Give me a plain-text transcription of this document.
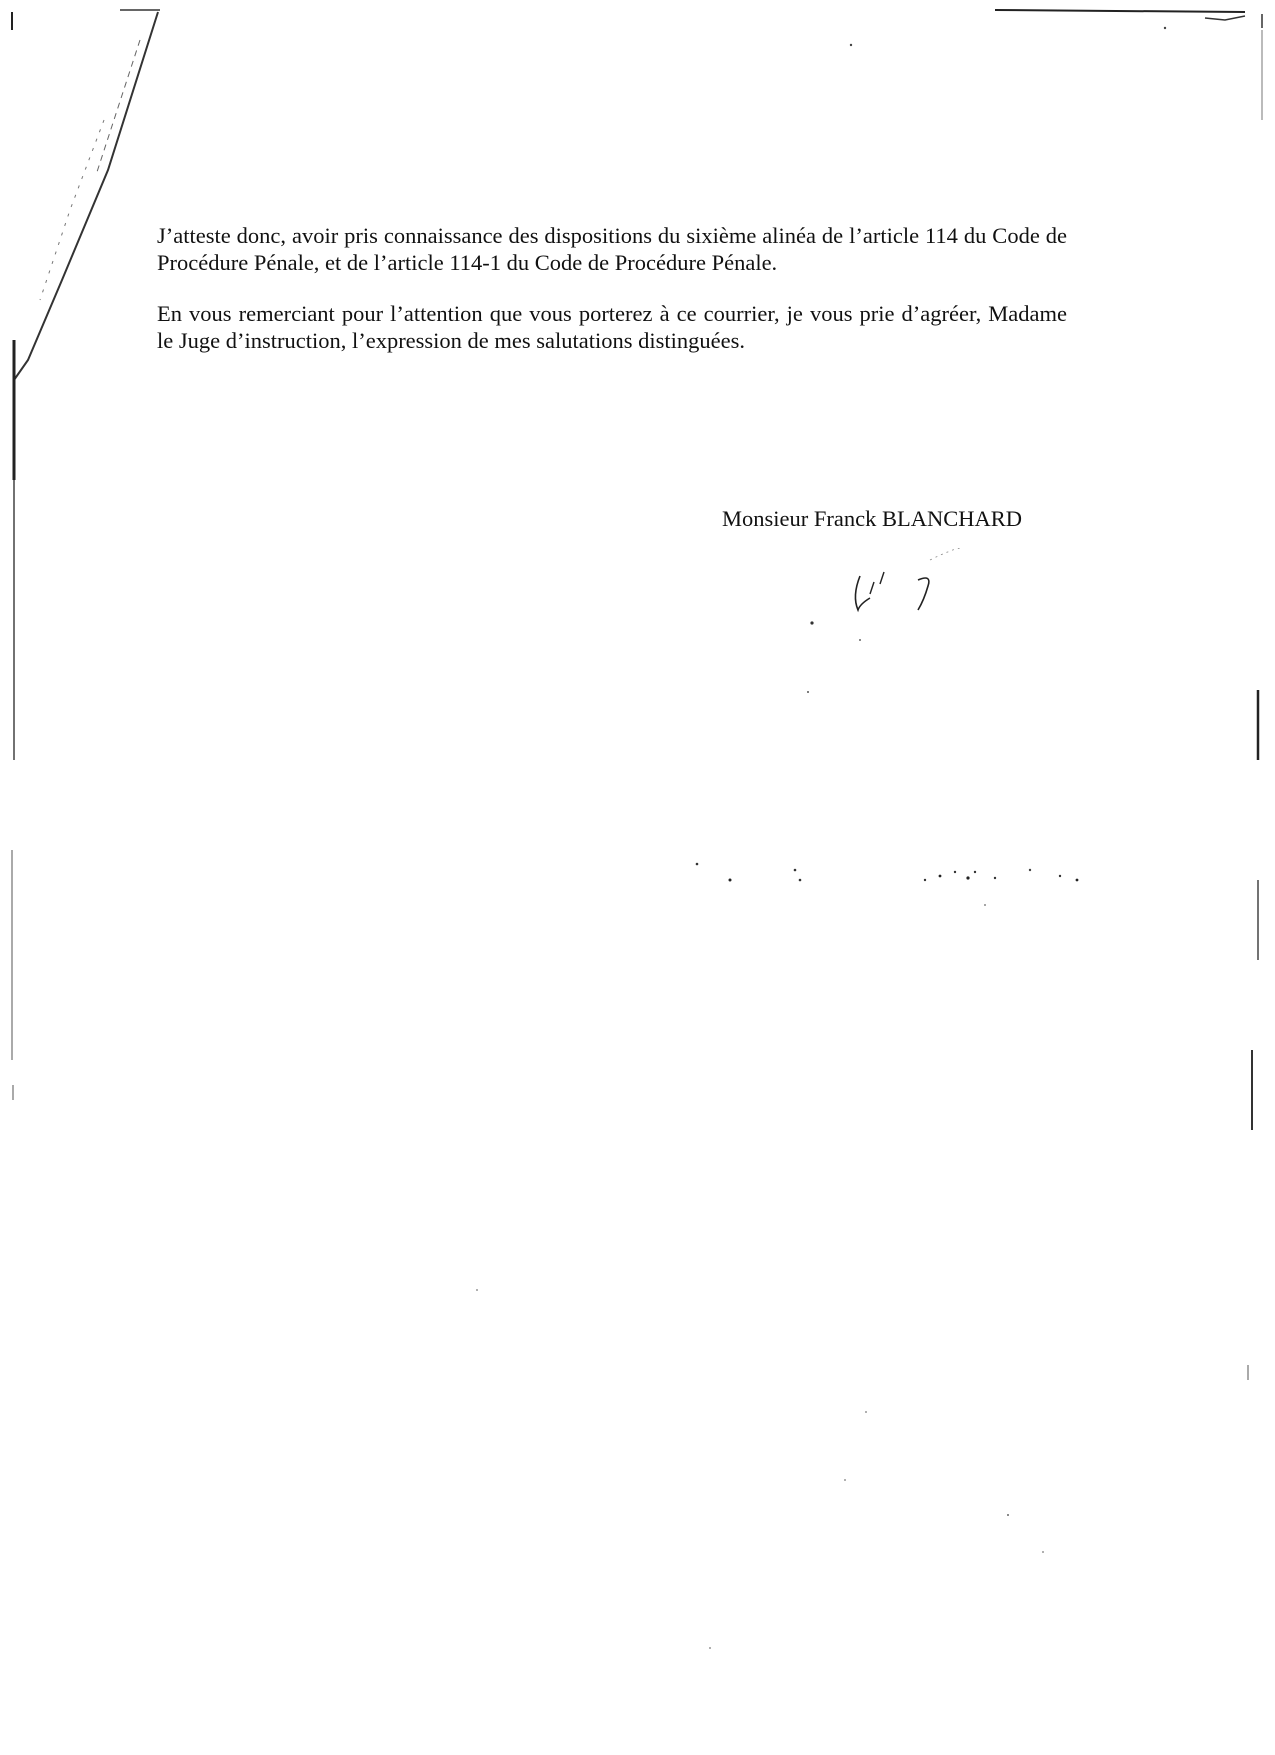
J’atteste donc, avoir pris connaissance des dispositions du sixième alinéa de l’article 114 du Code de Procédure Pénale, et de l’article 114-1 du Code de Procédure Pénale.

En vous remerciant pour l’attention que vous porterez à ce courrier, je vous prie d’agréer, Madame le Juge d’instruction, l’expression de mes salutations distinguées.

Monsieur Franck BLANCHARD
